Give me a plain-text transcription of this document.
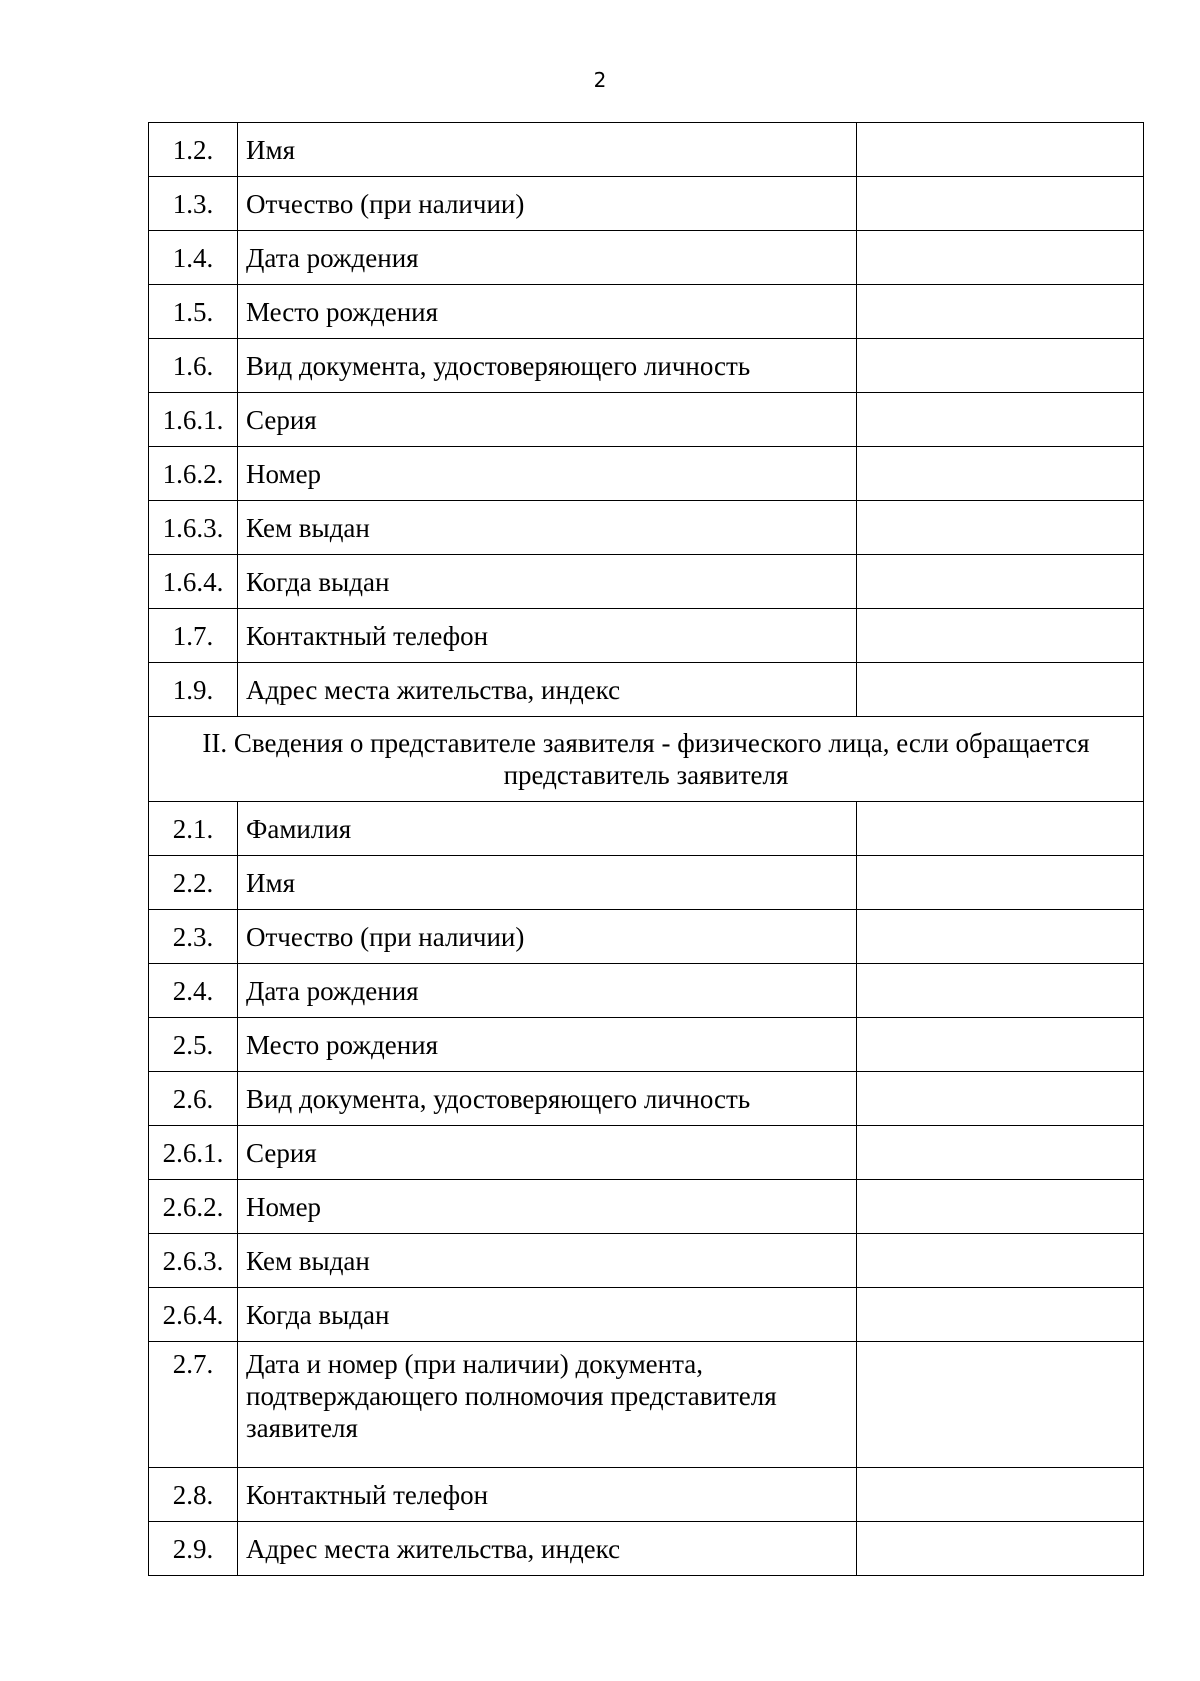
2
1.2.	Имя	
1.3.	Отчество (при наличии)	
1.4.	Дата рождения	
1.5.	Место рождения	
1.6.	Вид документа, удостоверяющего личность	
1.6.1.	Серия	
1.6.2.	Номер	
1.6.3.	Кем выдан	
1.6.4.	Когда выдан	
1.7.	Контактный телефон	
1.9.	Адрес места жительства, индекс	
II. Сведения о представителе заявителя - физического лица, если обращается представитель заявителя		
2.1.	Фамилия	
2.2.	Имя	
2.3.	Отчество (при наличии)	
2.4.	Дата рождения	
2.5.	Место рождения	
2.6.	Вид документа, удостоверяющего личность	
2.6.1.	Серия	
2.6.2.	Номер	
2.6.3.	Кем выдан	
2.6.4.	Когда выдан	
2.7.	Дата и номер (при наличии) документа, подтверждающего полномочия представителя заявителя	
2.8.	Контактный телефон	
2.9.	Адрес места жительства, индекс	
